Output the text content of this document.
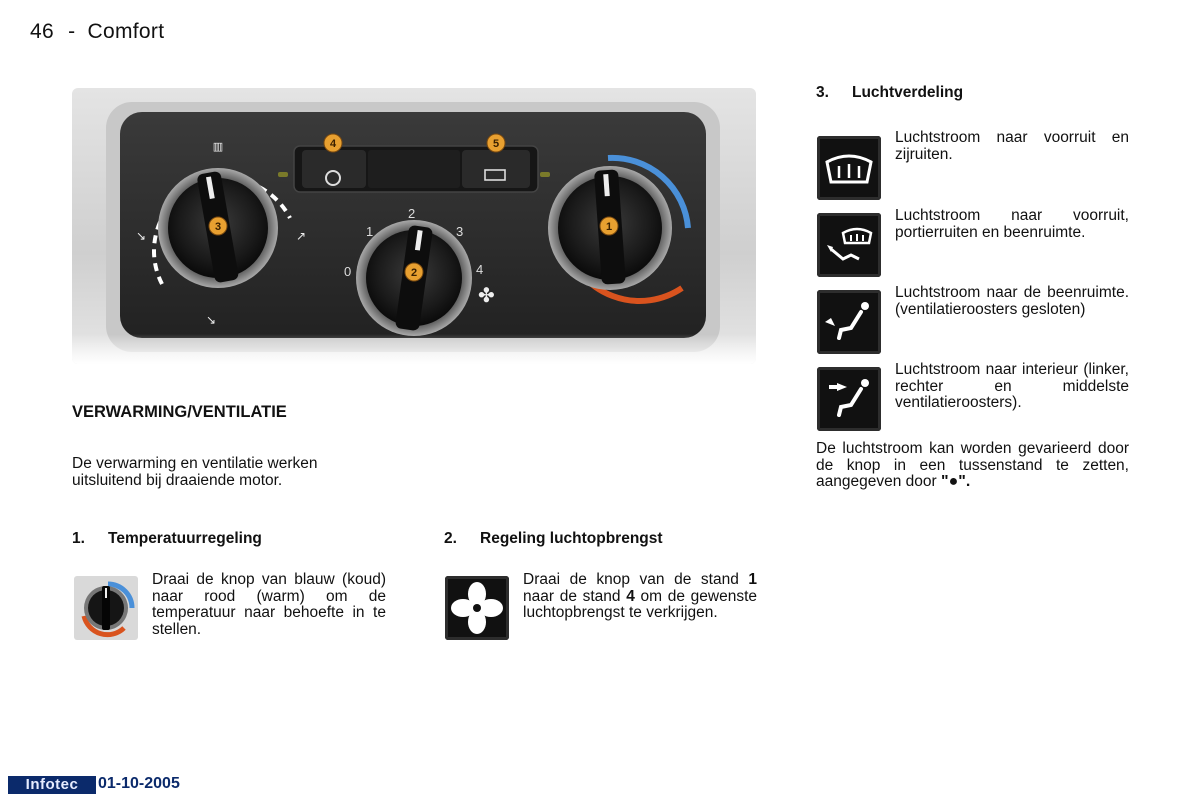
46 - Comfort
▥
↘	↗
↘
0
1
2
3
4
✤
4	5
3
2
1
VERWARMING/VENTILATIE
De verwarming en ventilatie werken uitsluitend bij draaiende motor.
1. Temperatuurregeling
Draai de knop van blauw (koud) naar rood (warm) om de temperatuur naar behoefte in te stellen.
2. Regeling luchtopbrengst
Draai de knop van de stand 1 naar de stand 4 om de gewenste luchtopbrengst te verkrijgen.
3. Luchtverdeling
Luchtstroom naar voorruit en zijruiten.
Luchtstroom naar voorruit, portierruiten en beenruimte.
Luchtstroom naar de beenruimte. (ventilatieroosters gesloten)
Luchtstroom naar interieur (linker, rechter en middelste ventilatieroosters).
De luchtstroom kan worden gevarieerd door de knop in een tussenstand te zetten, aangegeven door "●".
Infotec	01-10-2005
